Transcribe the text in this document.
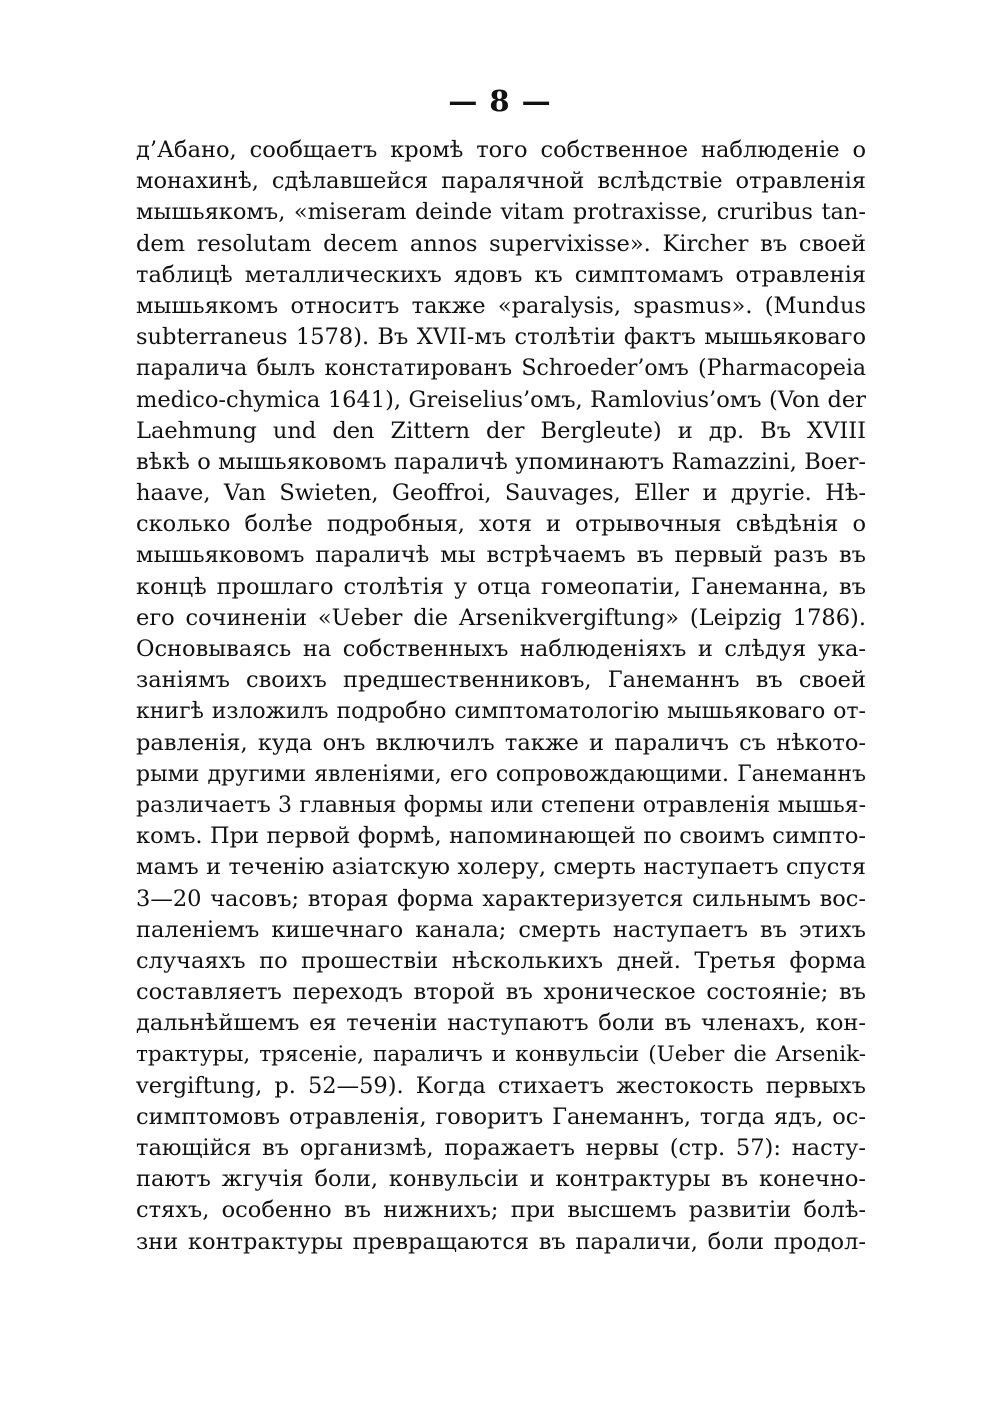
— 8 —
д’Абано, сообщаетъ кромѣ того собственное наблюденіе о
монахинѣ, сдѣлавшейся паралячной вслѣдствіе отравленія
мышьякомъ, «miseram deinde vitam protraxisse, cruribus tan-
dem resolutam decem annos supervixisse». Kircher въ своей
таблицѣ металлическихъ ядовъ къ симптомамъ отравленія
мышьякомъ относитъ также «paralysis, spasmus». (Mundus
subterraneus 1578). Въ XVII-мъ столѣтіи фактъ мышьяковаго
паралича былъ констатированъ Schroeder’омъ (Pharmacopeia
medico-chymica 1641), Greiselius’омъ, Ramlovius’омъ (Von der
Laehmung und den Zittern der Bergleute) и др. Въ XVIII
вѣкѣ о мышьяковомъ параличѣ упоминаютъ Ramazzini, Boer-
haave, Van Swieten, Geoffroi, Sauvages, Eller и другіе. Нѣ-
сколько болѣе подробныя, хотя и отрывочныя свѣдѣнія о
мышьяковомъ параличѣ мы встрѣчаемъ въ первый разъ въ
концѣ прошлаго столѣтія у отца гомеопатіи, Ганеманна, въ
его сочиненіи «Ueber die Arsenikvergiftung» (Leipzig 1786).
Основываясь на собственныхъ наблюденіяхъ и слѣдуя ука-
заніямъ своихъ предшественниковъ, Ганеманнъ въ своей
книгѣ изложилъ подробно симптоматологію мышьяковаго от-
равленія, куда онъ включилъ также и параличъ съ нѣкото-
рыми другими явленіями, его сопровождающими. Ганеманнъ
различаетъ 3 главныя формы или степени отравленія мышья-
комъ. При первой формѣ, напоминающей по своимъ симпто-
мамъ и теченію азіатскую холеру, смерть наступаетъ спустя
3—20 часовъ; вторая форма характеризуется сильнымъ вос-
паленіемъ кишечнаго канала; смерть наступаетъ въ этихъ
случаяхъ по прошествіи нѣсколькихъ дней. Третья форма
составляетъ переходъ второй въ хроническое состояніе; въ
дальнѣйшемъ ея теченіи наступаютъ боли въ членахъ, кон-
трактуры, трясеніе, параличъ и конвульсіи (Ueber die Arsenik-
vergiftung, p. 52—59). Когда стихаетъ жестокость первыхъ
симптомовъ отравленія, говоритъ Ганеманнъ, тогда ядъ, ос-
тающійся въ организмѣ, поражаетъ нервы (стр. 57): насту-
паютъ жгучія боли, конвульсіи и контрактуры въ конечно-
стяхъ, особенно въ нижнихъ; при высшемъ развитіи болѣ-
зни контрактуры превращаются въ параличи, боли продол-
